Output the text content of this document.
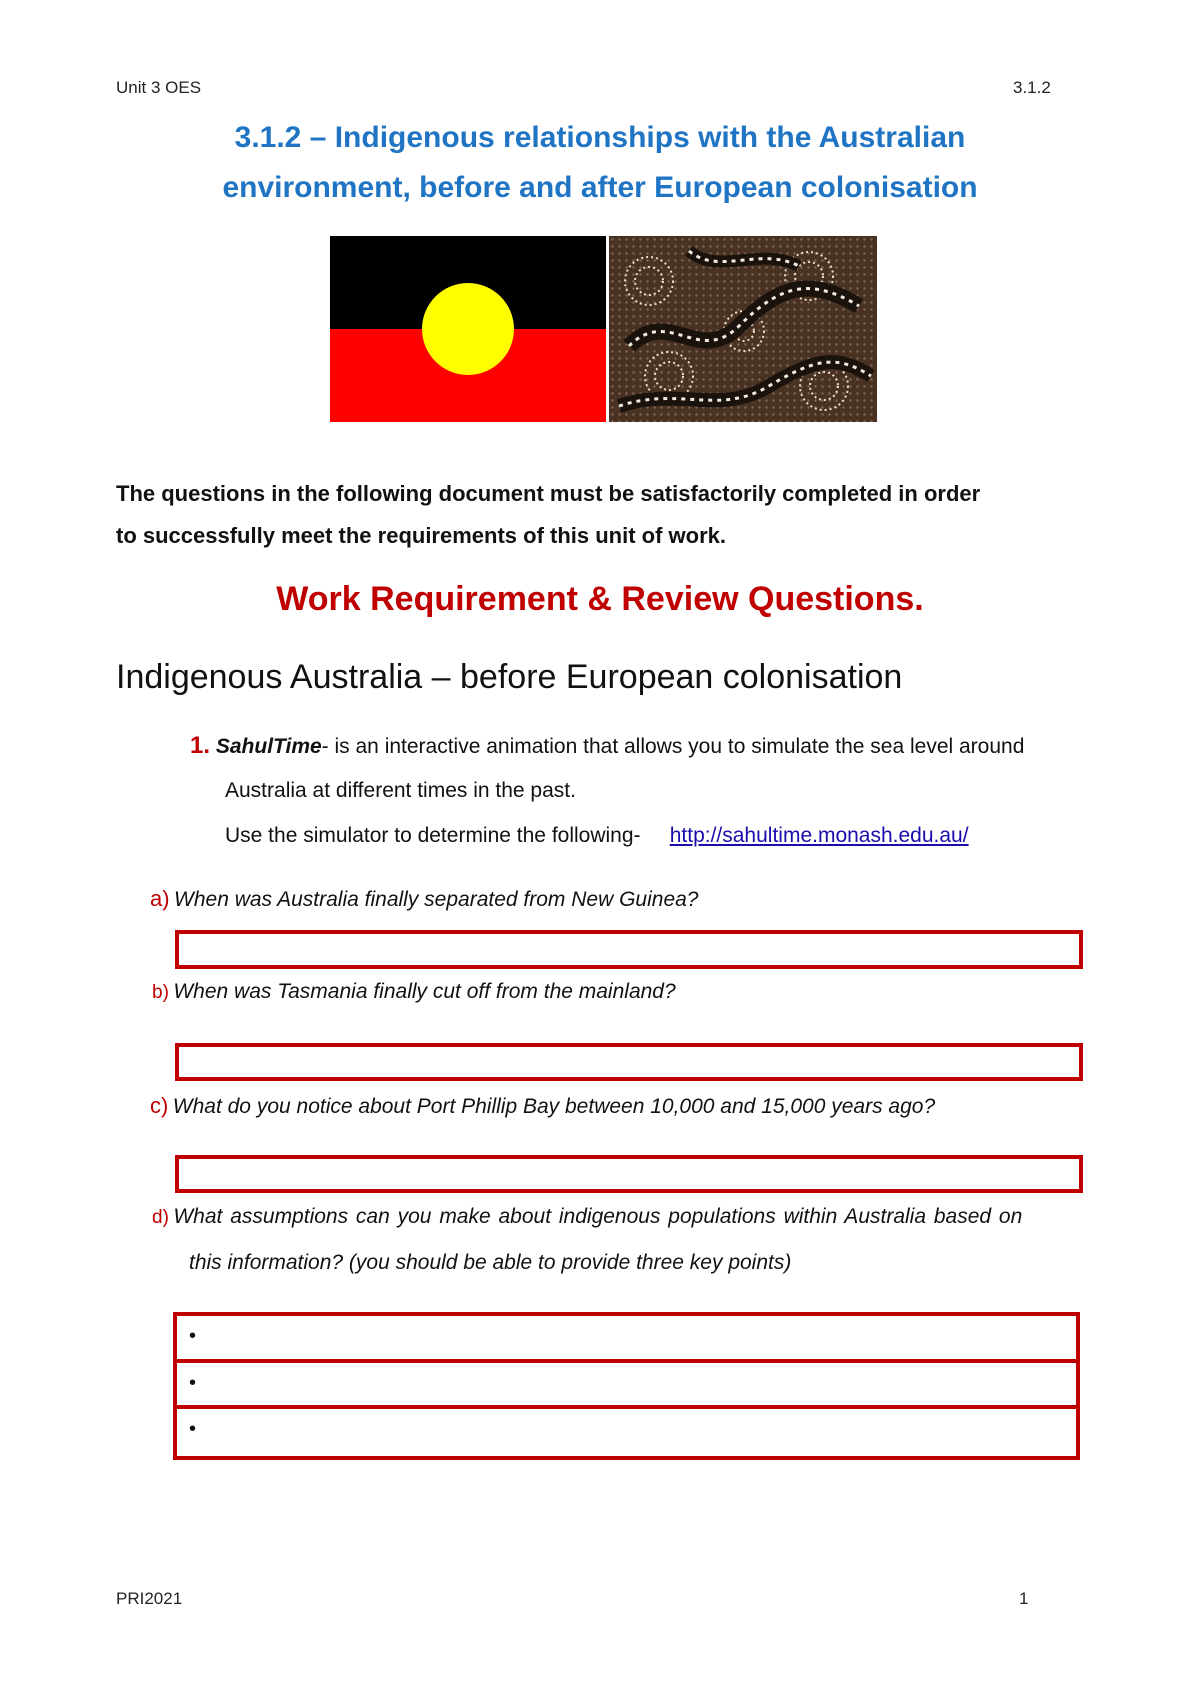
Unit 3 OES	3.1.2
3.1.2 – Indigenous relationships with the Australian
environment, before and after European colonisation
The questions in the following document must be satisfactorily completed in order
to successfully meet the requirements of this unit of work.
Work Requirement & Review Questions.
Indigenous Australia – before European colonisation
1. SahulTime- is an interactive animation that allows you to simulate the sea level around
Australia at different times in the past.
Use the simulator to determine the following- http://sahultime.monash.edu.au/
a) When was Australia finally separated from New Guinea?
b) When was Tasmania finally cut off from the mainland?
c) What do you notice about Port Phillip Bay between 10,000 and 15,000 years ago?
d) What assumptions can you make about indigenous populations within Australia based on
this information? (you should be able to provide three key points)
•
•
•
PRI2021	1
